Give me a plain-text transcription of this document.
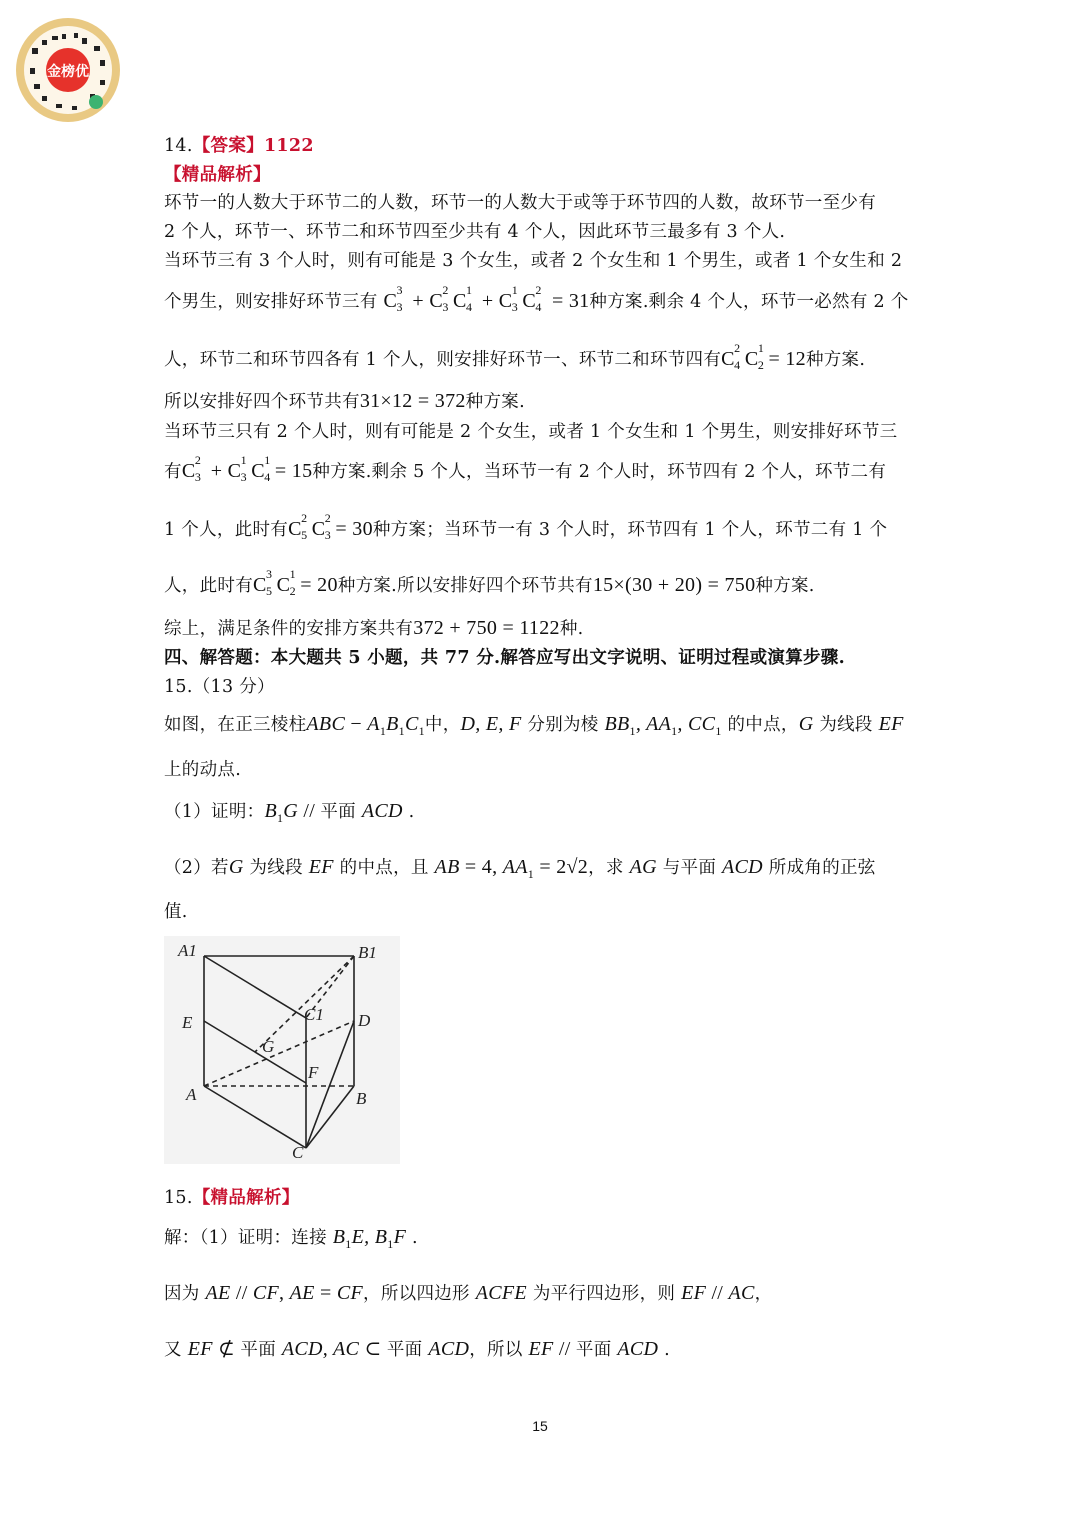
金榜优
14.【答案】1122
【精品解析】
环节一的人数大于环节二的人数，环节一的人数大于或等于环节四的人数，故环节一至少有
2 个人，环节一、环节二和环节四至少共有 4 个人，因此环节三最多有 3 个人.
当环节三有 3 个人时，则有可能是 3 个女生，或者 2 个女生和 1 个男生，或者 1 个女生和 2
个男生，则安排好环节三有 C 3
3 + C 2
3 C 1
4 + C 1
3 C 2
4 = 31种方案.剩余 4 个人，环节一必然有 2 个
人，环节二和环节四各有 1 个人，则安排好环节一、环节二和环节四有C 2
4 C 1
2 = 12种方案.
所以安排好四个环节共有31×12 = 372种方案.
当环节三只有 2 个人时，则有可能是 2 个女生，或者 1 个女生和 1 个男生，则安排好环节三
有C 2
3 + C 1
3 C 1
4 = 15种方案.剩余 5 个人，当环节一有 2 个人时，环节四有 2 个人，环节二有
1 个人，此时有C 2
5 C 2
3 = 30种方案；当环节一有 3 个人时，环节四有 1 个人，环节二有 1 个
人，此时有C 3
5 C 1
2 = 20种方案.所以安排好四个环节共有15×(30 + 20) = 750种方案.
综上，满足条件的安排方案共有372 + 750 = 1122种.
四、解答题：本大题共 5 小题，共 77 分.解答应写出文字说明、证明过程或演算步骤.
15.（13 分）
如图，在正三棱柱ABC − $A_1B_1C_1$中，D, E, F 分别为棱 $BB_1$, $AA_1$, $CC_1$ 的中点，G 为线段 EF
上的动点.
（1）证明：$B_1G$ // 平面 ACD .
（2）若G 为线段 EF 的中点，且 AB = 4, $AA_1 = 2√2$，求 AG 与平面 ACD 所成角的正弦
值.
A1	B1
C1 D
E
G
F
A	B
C
15.【精品解析】
解：（1）证明：连接 $B_1E$, $B_1F$ .
因为 AE // CF, AE = CF，所以四边形 ACFE 为平行四边形，则 EF // AC，
又 EF ⊄ 平面 ACD, AC ⊂ 平面 ACD，所以 EF // 平面 ACD .
15
